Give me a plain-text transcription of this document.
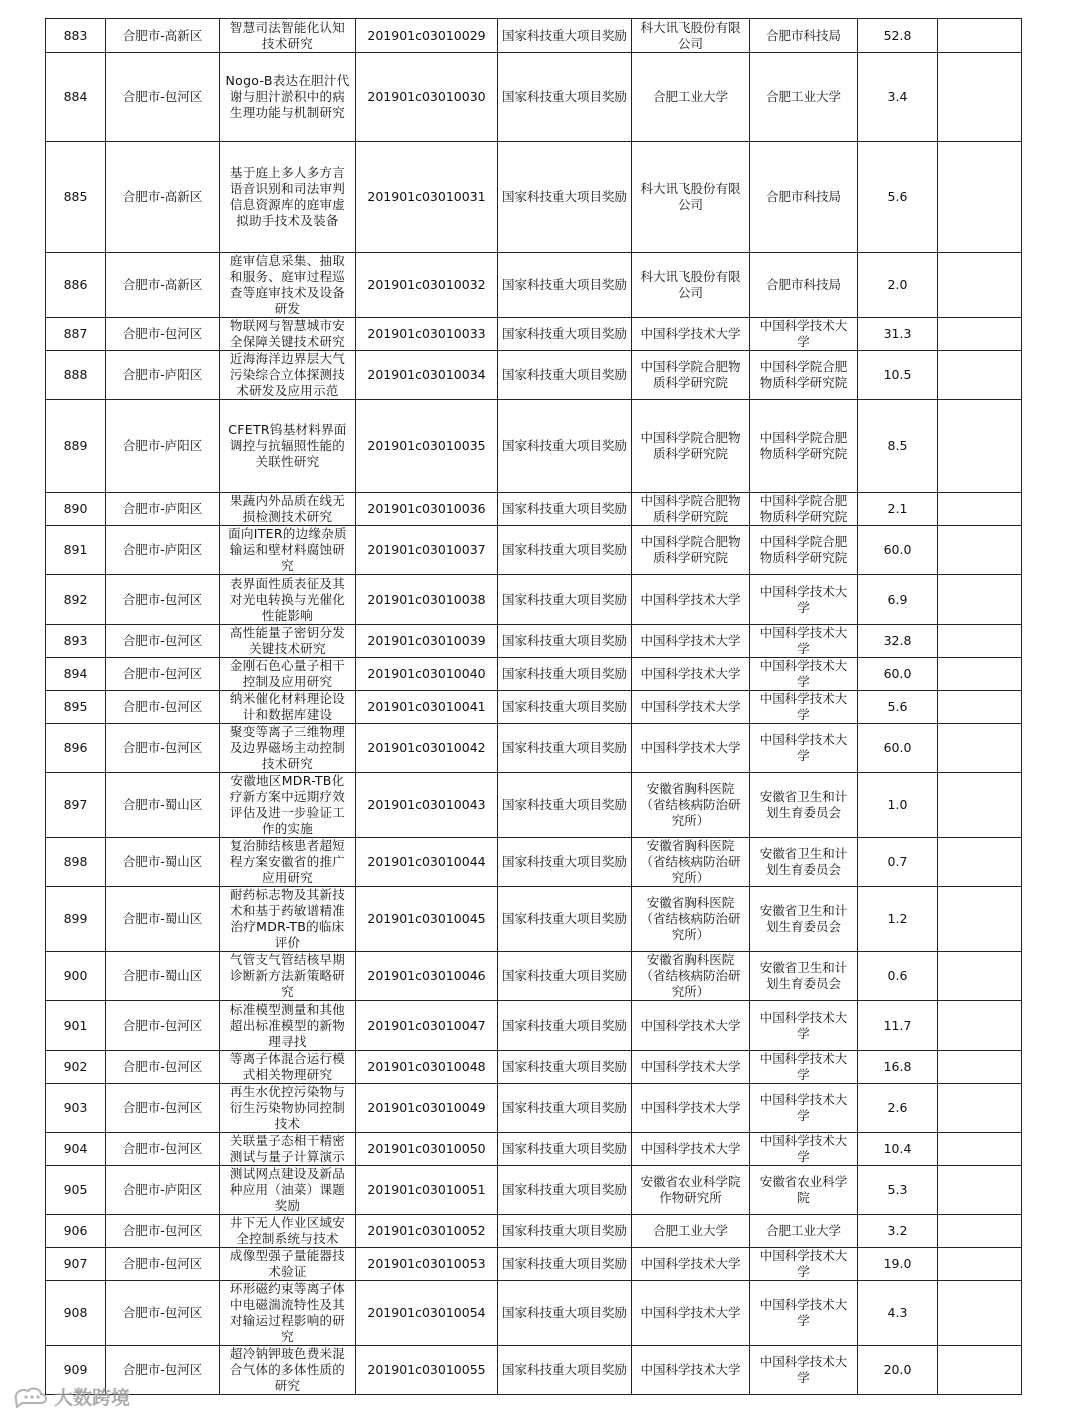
883	合肥市-高新区	智慧司法智能化认知技术研究	201901c03010029	国家科技重大项目奖励	科大讯飞股份有限公司	合肥市科技局	52.8	
884	合肥市-包河区	Nogo-B表达在胆汁代谢与胆汁淤积中的病生理功能与机制研究	201901c03010030	国家科技重大项目奖励	合肥工业大学	合肥工业大学	3.4	
885	合肥市-高新区	基于庭上多人多方言语音识别和司法审判信息资源库的庭审虚拟助手技术及装备	201901c03010031	国家科技重大项目奖励	科大讯飞股份有限公司	合肥市科技局	5.6	
886	合肥市-高新区	庭审信息采集、抽取和服务、庭审过程巡查等庭审技术及设备研发	201901c03010032	国家科技重大项目奖励	科大讯飞股份有限公司	合肥市科技局	2.0	
887	合肥市-包河区	物联网与智慧城市安全保障关键技术研究	201901c03010033	国家科技重大项目奖励	中国科学技术大学	中国科学技术大学	31.3	
888	合肥市-庐阳区	近海海洋边界层大气污染综合立体探测技术研发及应用示范	201901c03010034	国家科技重大项目奖励	中国科学院合肥物质科学研究院	中国科学院合肥物质科学研究院	10.5	
889	合肥市-庐阳区	CFETR钨基材料界面调控与抗辐照性能的关联性研究	201901c03010035	国家科技重大项目奖励	中国科学院合肥物质科学研究院	中国科学院合肥物质科学研究院	8.5	
890	合肥市-庐阳区	果蔬内外品质在线无损检测技术研究	201901c03010036	国家科技重大项目奖励	中国科学院合肥物质科学研究院	中国科学院合肥物质科学研究院	2.1	
891	合肥市-庐阳区	面向ITER的边缘杂质输运和壁材料腐蚀研究	201901c03010037	国家科技重大项目奖励	中国科学院合肥物质科学研究院	中国科学院合肥物质科学研究院	60.0	
892	合肥市-包河区	表界面性质表征及其对光电转换与光催化性能影响	201901c03010038	国家科技重大项目奖励	中国科学技术大学	中国科学技术大学	6.9	
893	合肥市-包河区	高性能量子密钥分发关键技术研究	201901c03010039	国家科技重大项目奖励	中国科学技术大学	中国科学技术大学	32.8	
894	合肥市-包河区	金刚石色心量子相干控制及应用研究	201901c03010040	国家科技重大项目奖励	中国科学技术大学	中国科学技术大学	60.0	
895	合肥市-包河区	纳米催化材料理论设计和数据库建设	201901c03010041	国家科技重大项目奖励	中国科学技术大学	中国科学技术大学	5.6	
896	合肥市-包河区	聚变等离子三维物理及边界磁场主动控制技术研究	201901c03010042	国家科技重大项目奖励	中国科学技术大学	中国科学技术大学	60.0	
897	合肥市-蜀山区	安徽地区MDR-TB化疗新方案中远期疗效评估及进一步验证工作的实施	201901c03010043	国家科技重大项目奖励	安徽省胸科医院（省结核病防治研究所）	安徽省卫生和计划生育委员会	1.0	
898	合肥市-蜀山区	复治肺结核患者超短程方案安徽省的推广应用研究	201901c03010044	国家科技重大项目奖励	安徽省胸科医院（省结核病防治研究所）	安徽省卫生和计划生育委员会	0.7	
899	合肥市-蜀山区	耐药标志物及其新技术和基于药敏谱精准治疗MDR-TB的临床评价	201901c03010045	国家科技重大项目奖励	安徽省胸科医院（省结核病防治研究所）	安徽省卫生和计划生育委员会	1.2	
900	合肥市-蜀山区	气管支气管结核早期诊断新方法新策略研究	201901c03010046	国家科技重大项目奖励	安徽省胸科医院（省结核病防治研究所）	安徽省卫生和计划生育委员会	0.6	
901	合肥市-包河区	标准模型测量和其他超出标准模型的新物理寻找	201901c03010047	国家科技重大项目奖励	中国科学技术大学	中国科学技术大学	11.7	
902	合肥市-包河区	等离子体混合运行模式相关物理研究	201901c03010048	国家科技重大项目奖励	中国科学技术大学	中国科学技术大学	16.8	
903	合肥市-包河区	再生水优控污染物与衍生污染物协同控制技术	201901c03010049	国家科技重大项目奖励	中国科学技术大学	中国科学技术大学	2.6	
904	合肥市-包河区	关联量子态相干精密测试与量子计算演示	201901c03010050	国家科技重大项目奖励	中国科学技术大学	中国科学技术大学	10.4	
905	合肥市-庐阳区	测试网点建设及新品种应用（油菜）课题奖励	201901c03010051	国家科技重大项目奖励	安徽省农业科学院作物研究所	安徽省农业科学院	5.3	
906	合肥市-包河区	井下无人作业区域安全控制系统与技术	201901c03010052	国家科技重大项目奖励	合肥工业大学	合肥工业大学	3.2	
907	合肥市-包河区	成像型强子量能器技术验证	201901c03010053	国家科技重大项目奖励	中国科学技术大学	中国科学技术大学	19.0	
908	合肥市-包河区	环形磁约束等离子体中电磁湍流特性及其对输运过程影响的研究	201901c03010054	国家科技重大项目奖励	中国科学技术大学	中国科学技术大学	4.3	
909	合肥市-包河区	超冷钠钾玻色费米混合气体的多体性质的研究	201901c03010055	国家科技重大项目奖励	中国科学技术大学	中国科学技术大学	20.0	
大数跨境
